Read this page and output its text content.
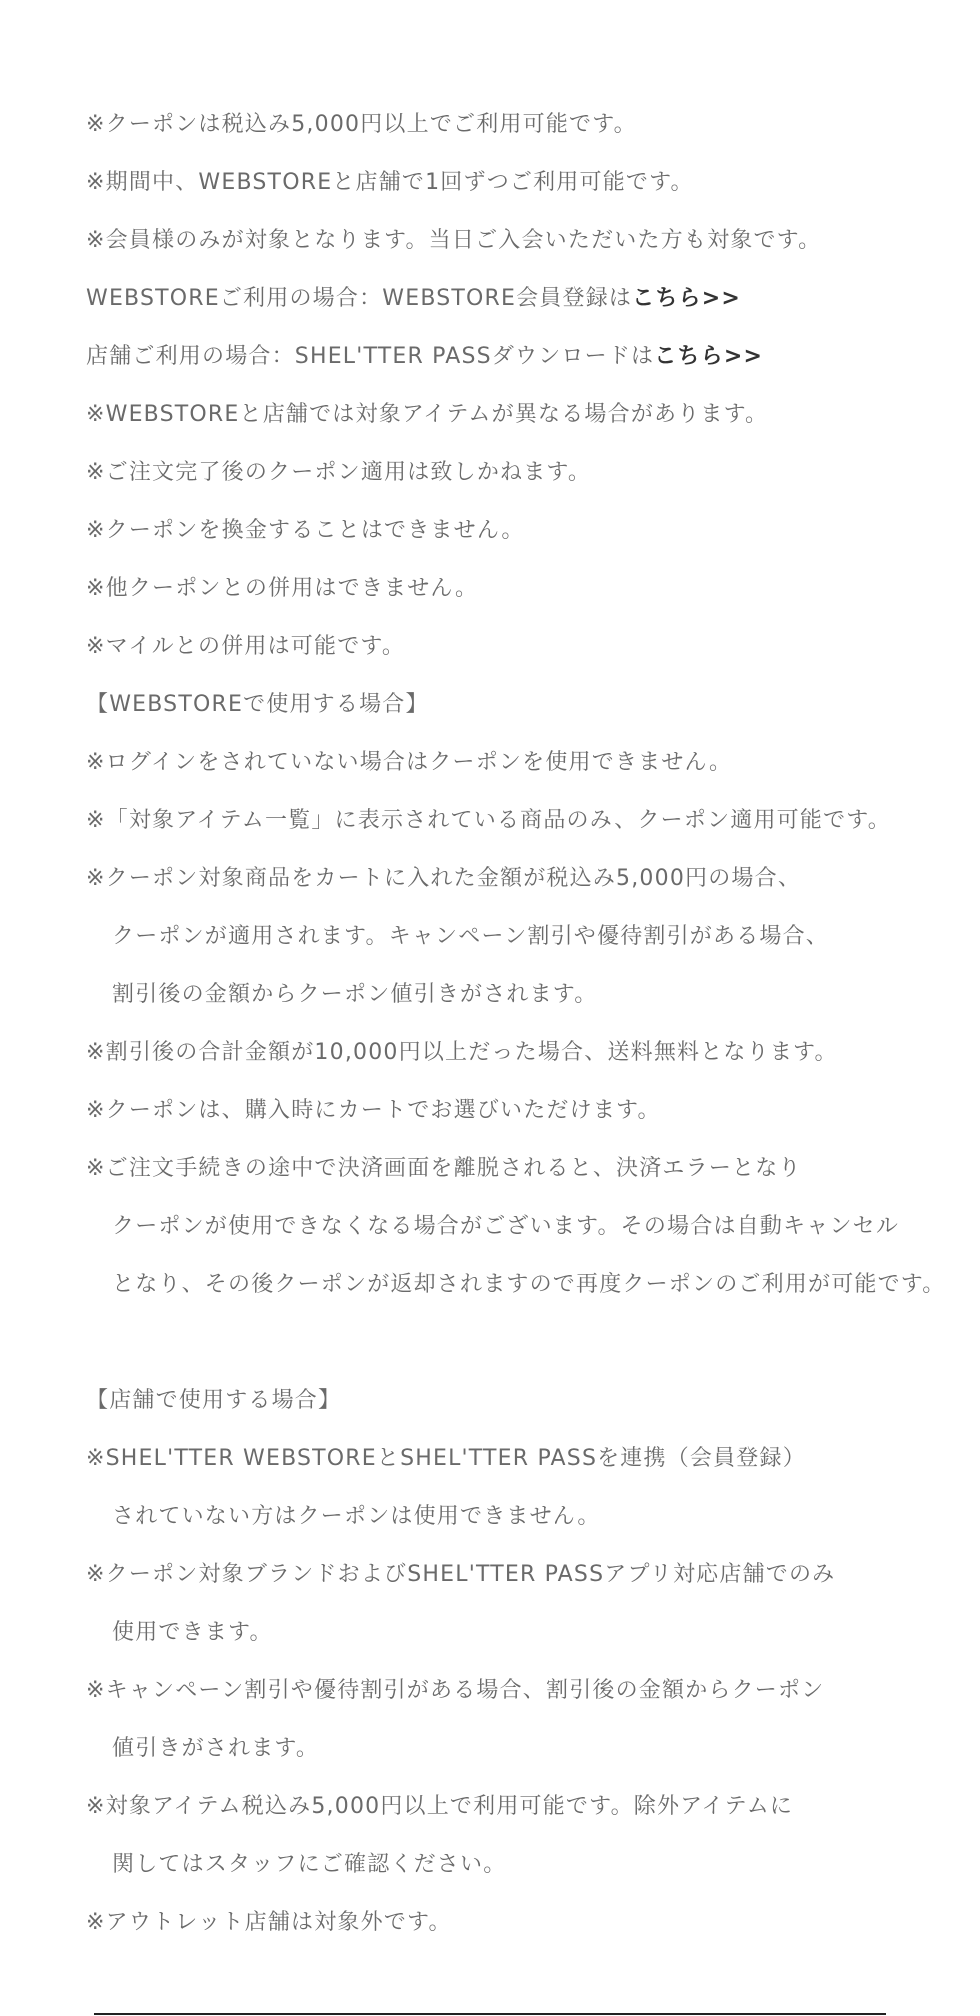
※クーポンは税込み5,000円以上でご利用可能です。
※期間中、WEBSTOREと店舗で1回ずつご利用可能です。
※会員様のみが対象となります。当日ご入会いただいた方も対象です。
WEBSTOREご利用の場合：WEBSTORE会員登録はこちら>>
店舗ご利用の場合：SHEL'TTER PASSダウンロードはこちら>>
※WEBSTOREと店舗では対象アイテムが異なる場合があります。
※ご注文完了後のクーポン適用は致しかねます。
※クーポンを換金することはできません。
※他クーポンとの併用はできません。
※マイルとの併用は可能です。
【WEBSTOREで使用する場合】
※ログインをされていない場合はクーポンを使用できません。
※「対象アイテム一覧」に表示されている商品のみ、クーポン適用可能です。
※クーポン対象商品をカートに入れた金額が税込み5,000円の場合、
クーポンが適用されます。キャンペーン割引や優待割引がある場合、
割引後の金額からクーポン値引きがされます。
※割引後の合計金額が10,000円以上だった場合、送料無料となります。
※クーポンは、購入時にカートでお選びいただけます。
※ご注文手続きの途中で決済画面を離脱されると、決済エラーとなり
クーポンが使用できなくなる場合がございます。その場合は自動キャンセル
となり、その後クーポンが返却されますので再度クーポンのご利用が可能です。
【店舗で使用する場合】
※SHEL'TTER WEBSTOREとSHEL'TTER PASSを連携（会員登録）
されていない方はクーポンは使用できません。
※クーポン対象ブランドおよびSHEL'TTER PASSアプリ対応店舗でのみ
使用できます。
※キャンペーン割引や優待割引がある場合、割引後の金額からクーポン
値引きがされます。
※対象アイテム税込み5,000円以上で利用可能です。除外アイテムに
関してはスタッフにご確認ください。
※アウトレット店舗は対象外です。
